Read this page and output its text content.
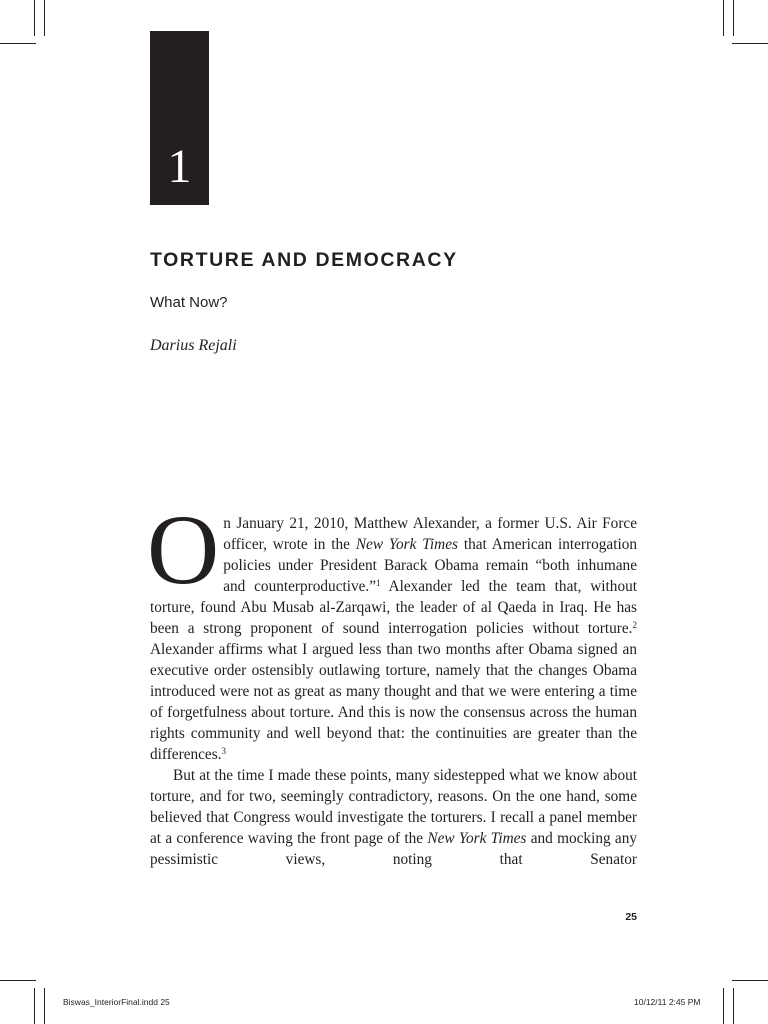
1
TORTURE AND DEMOCRACY
What Now?
Darius Rejali
O n January 21, 2010, Matthew Alexander, a former U.S. Air Force officer, wrote in the New York Times that American interrogation policies under President Barack Obama remain “both inhumane and counterproductive.”$^1$ Alexander led the team that, without torture, found Abu Musab al-Zarqawi, the leader of al Qaeda in Iraq. He has been a strong proponent of sound interrogation policies without torture.$^2$ Alexander affirms what I argued less than two months after Obama signed an executive order ostensibly outlawing torture, namely that the changes Obama introduced were not as great as many thought and that we were entering a time of forgetfulness about torture. And this is now the consensus across the human rights community and well beyond that: the continuities are greater than the differences.$^3$

But at the time I made these points, many sidestepped what we know about torture, and for two, seemingly contradictory, reasons. On the one hand, some believed that Congress would investigate the torturers. I recall a panel member at a conference waving the front page of the New York Times and mocking any pessimistic views, noting that Senator

25
Biswas_InteriorFinal.indd 25	10/12/11 2:45 PM
